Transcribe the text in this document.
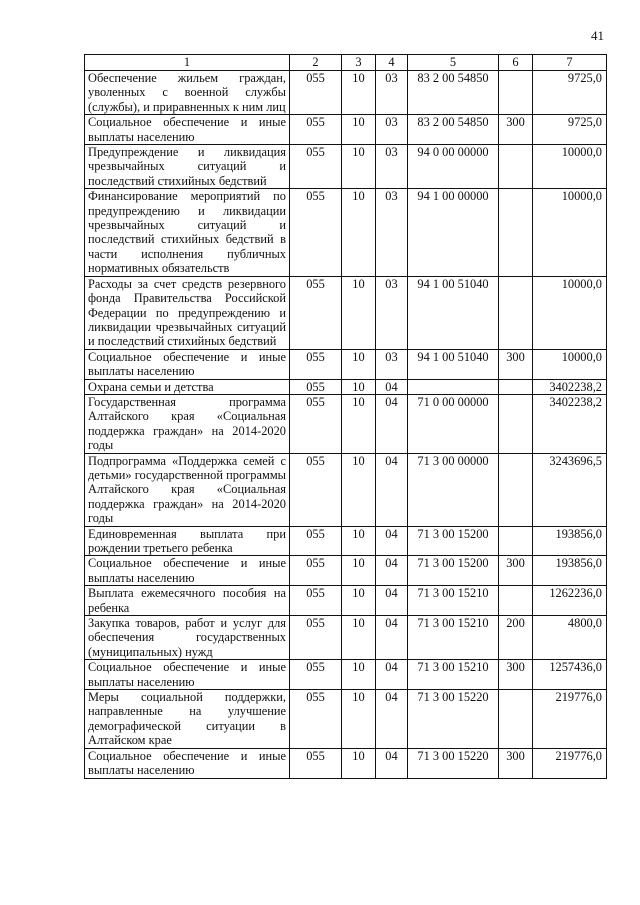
41
1	2	3	4	5	6	7
Обеспечение жильем граждан, уволенных с военной службы (службы), и приравненных к ним лиц	055	10	03	83 2 00 54850		9725,0
Социальное обеспечение и иные выплаты населению	055	10	03	83 2 00 54850	300	9725,0
Предупреждение и ликвидация чрезвычайных ситуаций и последствий стихийных бедствий	055	10	03	94 0 00 00000		10000,0
Финансирование мероприятий по предупреждению и ликвидации чрезвычайных ситуаций и последствий стихийных бедствий в части исполнения публичных нормативных обязательств	055	10	03	94 1 00 00000		10000,0
Расходы за счет средств резервного фонда Правительства Российской Федерации по предупреждению и ликвидации чрезвычайных ситуаций и последствий стихийных бедствий	055	10	03	94 1 00 51040		10000,0
Социальное обеспечение и иные выплаты населению	055	10	03	94 1 00 51040	300	10000,0
Охрана семьи и детства	055	10	04			3402238,2
Государственная программа Алтайского края «Социальная поддержка граждан» на 2014-2020 годы	055	10	04	71 0 00 00000		3402238,2
Подпрограмма «Поддержка семей с детьми» государственной программы Алтайского края «Социальная поддержка граждан» на 2014-2020 годы	055	10	04	71 3 00 00000		3243696,5
Единовременная выплата при рождении третьего ребенка	055	10	04	71 3 00 15200		193856,0
Социальное обеспечение и иные выплаты населению	055	10	04	71 3 00 15200	300	193856,0
Выплата ежемесячного пособия на ребенка	055	10	04	71 3 00 15210		1262236,0
Закупка товаров, работ и услуг для обеспечения государственных (муниципальных) нужд	055	10	04	71 3 00 15210	200	4800,0
Социальное обеспечение и иные выплаты населению	055	10	04	71 3 00 15210	300	1257436,0
Меры социальной поддержки, направленные на улучшение демографической ситуации в Алтайском крае	055	10	04	71 3 00 15220		219776,0
Социальное обеспечение и иные выплаты населению	055	10	04	71 3 00 15220	300	219776,0
